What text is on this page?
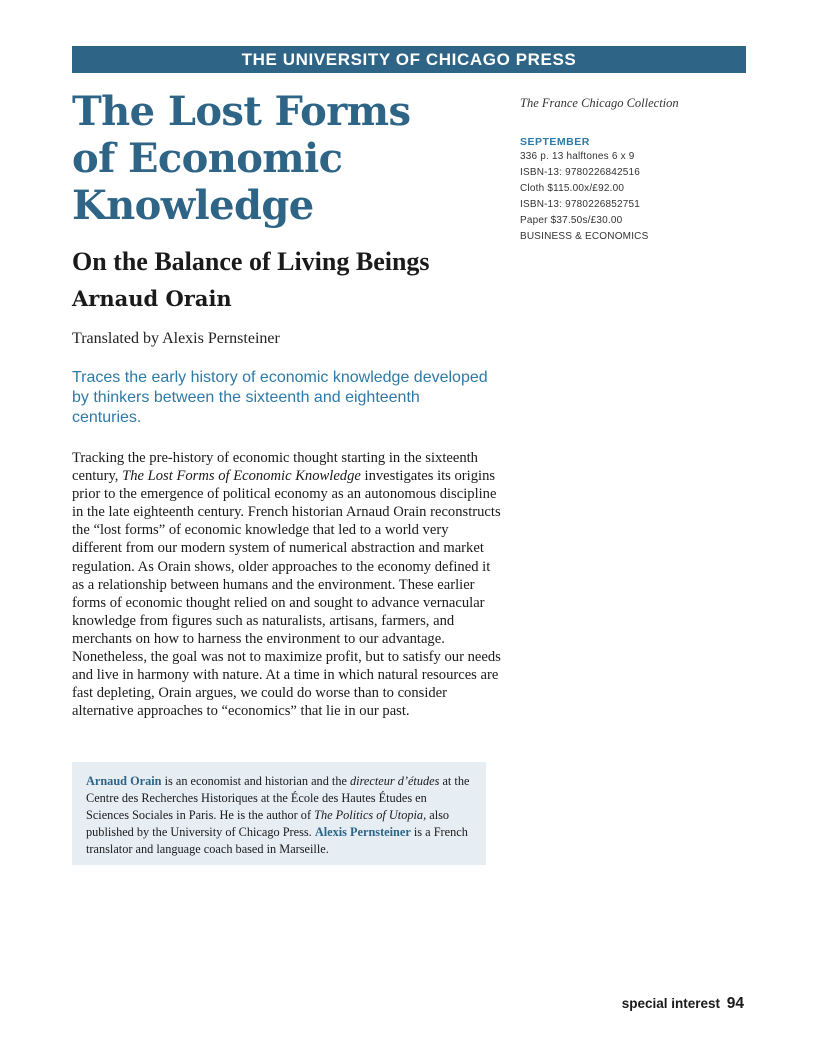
THE UNIVERSITY OF CHICAGO PRESS
The Lost Forms
of Economic
Knowledge
On the Balance of Living Beings
Arnaud Orain

Translated by Alexis Pernsteiner

Traces the early history of economic knowledge developed by thinkers between the sixteenth and eighteenth centuries.

Tracking the pre-history of economic thought starting in the sixteenth century, The Lost Forms of Economic Knowledge investigates its origins prior to the emergence of political economy as an autonomous discipline in the late eighteenth century. French historian Arnaud Orain reconstructs the “lost forms” of economic knowledge that led to a world very different from our modern system of numerical abstraction and market regulation. As Orain shows, older approaches to the economy defined it as a relationship between humans and the environment. These earlier forms of economic thought relied on and sought to advance vernacular knowledge from figures such as naturalists, artisans, farmers, and merchants on how to harness the environment to our advantage. Nonetheless, the goal was not to maximize profit, but to satisfy our needs and live in harmony with nature. At a time in which natural resources are fast depleting, Orain argues, we could do worse than to consider alternative approaches to “economics” that lie in our past.

Arnaud Orain is an economist and historian and the directeur d’études at the Centre des Recherches Historiques at the École des Hautes Études en Sciences Sociales in Paris. He is the author of The Politics of Utopia, also published by the University of Chicago Press. Alexis Pernsteiner is a French translator and language coach based in Marseille.

The France Chicago Collection

SEPTEMBER

336 p. 13 halftones 6 x 9

ISBN-13: 9780226842516

Cloth $115.00x/£92.00

ISBN-13: 9780226852751

Paper $37.50s/£30.00

BUSINESS & ECONOMICS

special interest 94
